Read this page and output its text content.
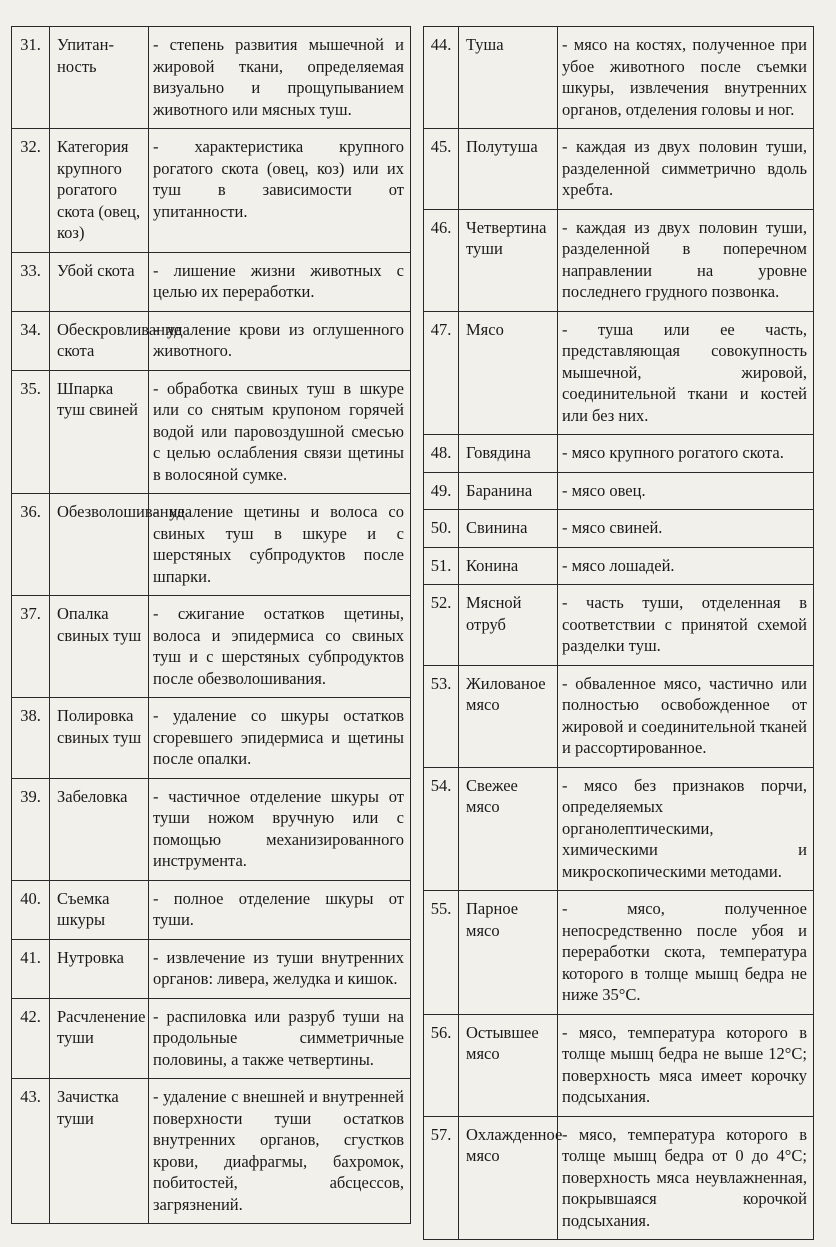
31.	Упитан-ность	- степень развития мышечной и жировой ткани, определяемая визуально и прощупыванием животного или мясных туш.
32.	Категория крупного рогатого скота (овец, коз)	- характеристика крупного рогатого скота (овец, коз) или их туш в зависимости от упитанности.
33.	Убой скота	- лишение жизни животных с целью их переработки.
34.	Обескровливание скота	- удаление крови из оглушенного животного.
35.	Шпарка туш свиней	- обработка свиных туш в шкуре или со снятым крупоном горячей водой или паровоздушной смесью с целью ослабления связи щетины в волосяной сумке.
36.	Обезволошивание	- удаление щетины и волоса со свиных туш в шкуре и с шерстяных субпродуктов после шпарки.
37.	Опалка свиных туш	- сжигание остатков щетины, волоса и эпидермиса со свиных туш и с шерстяных субпродуктов после обезволошивания.
38.	Полировка свиных туш	- удаление со шкуры остатков сгоревшего эпидермиса и щетины после опалки.
39.	Забеловка	- частичное отделение шкуры от туши ножом вручную или с помощью механизированного инструмента.
40.	Съемка шкуры	- полное отделение шкуры от туши.
41.	Нутровка	- извлечение из туши внутренних органов: ливера, желудка и кишок.
42.	Расчленение туши	- распиловка или разруб туши на продольные симметричные половины, а также четвертины.
43.	Зачистка туши	- удаление с внешней и внутренней поверхности туши остатков внутренних органов, сгустков крови, диафрагмы, бахромок, побитостей, абсцессов, загрязнений.
44.	Туша	- мясо на костях, полученное при убое животного после съемки шкуры, извлечения внутренних органов, отделения головы и ног.
45.	Полутуша	- каждая из двух половин туши, разделенной симметрично вдоль хребта.
46.	Четвертина туши	- каждая из двух половин туши, разделенной в поперечном направлении на уровне последнего грудного позвонка.
47.	Мясо	- туша или ее часть, представляющая совокупность мышечной, жировой, соединительной ткани и костей или без них.
48.	Говядина	- мясо крупного рогатого скота.
49.	Баранина	- мясо овец.
50.	Свинина	- мясо свиней.
51.	Конина	- мясо лошадей.
52.	Мясной отруб	- часть туши, отделенная в соответствии с принятой схемой разделки туш.
53.	Жилованое мясо	- обваленное мясо, частично или полностью освобожденное от жировой и соединительной тканей и рассортированное.
54.	Свежее мясо	- мясо без признаков порчи, определяемых органолептическими, химическими и микроскопическими методами.
55.	Парное мясо	- мясо, полученное непосредственно после убоя и переработки скота, температура которого в толще мышц бедра не ниже 35°С.
56.	Остывшее мясо	- мясо, температура которого в толще мышц бедра не выше 12°С; поверхность мяса имеет корочку подсыхания.
57.	Охлажденное мясо	- мясо, температура которого в толще мышц бедра от 0 до 4°С; поверхность мяса неувлажненная, покрывшаяся корочкой подсыхания.
